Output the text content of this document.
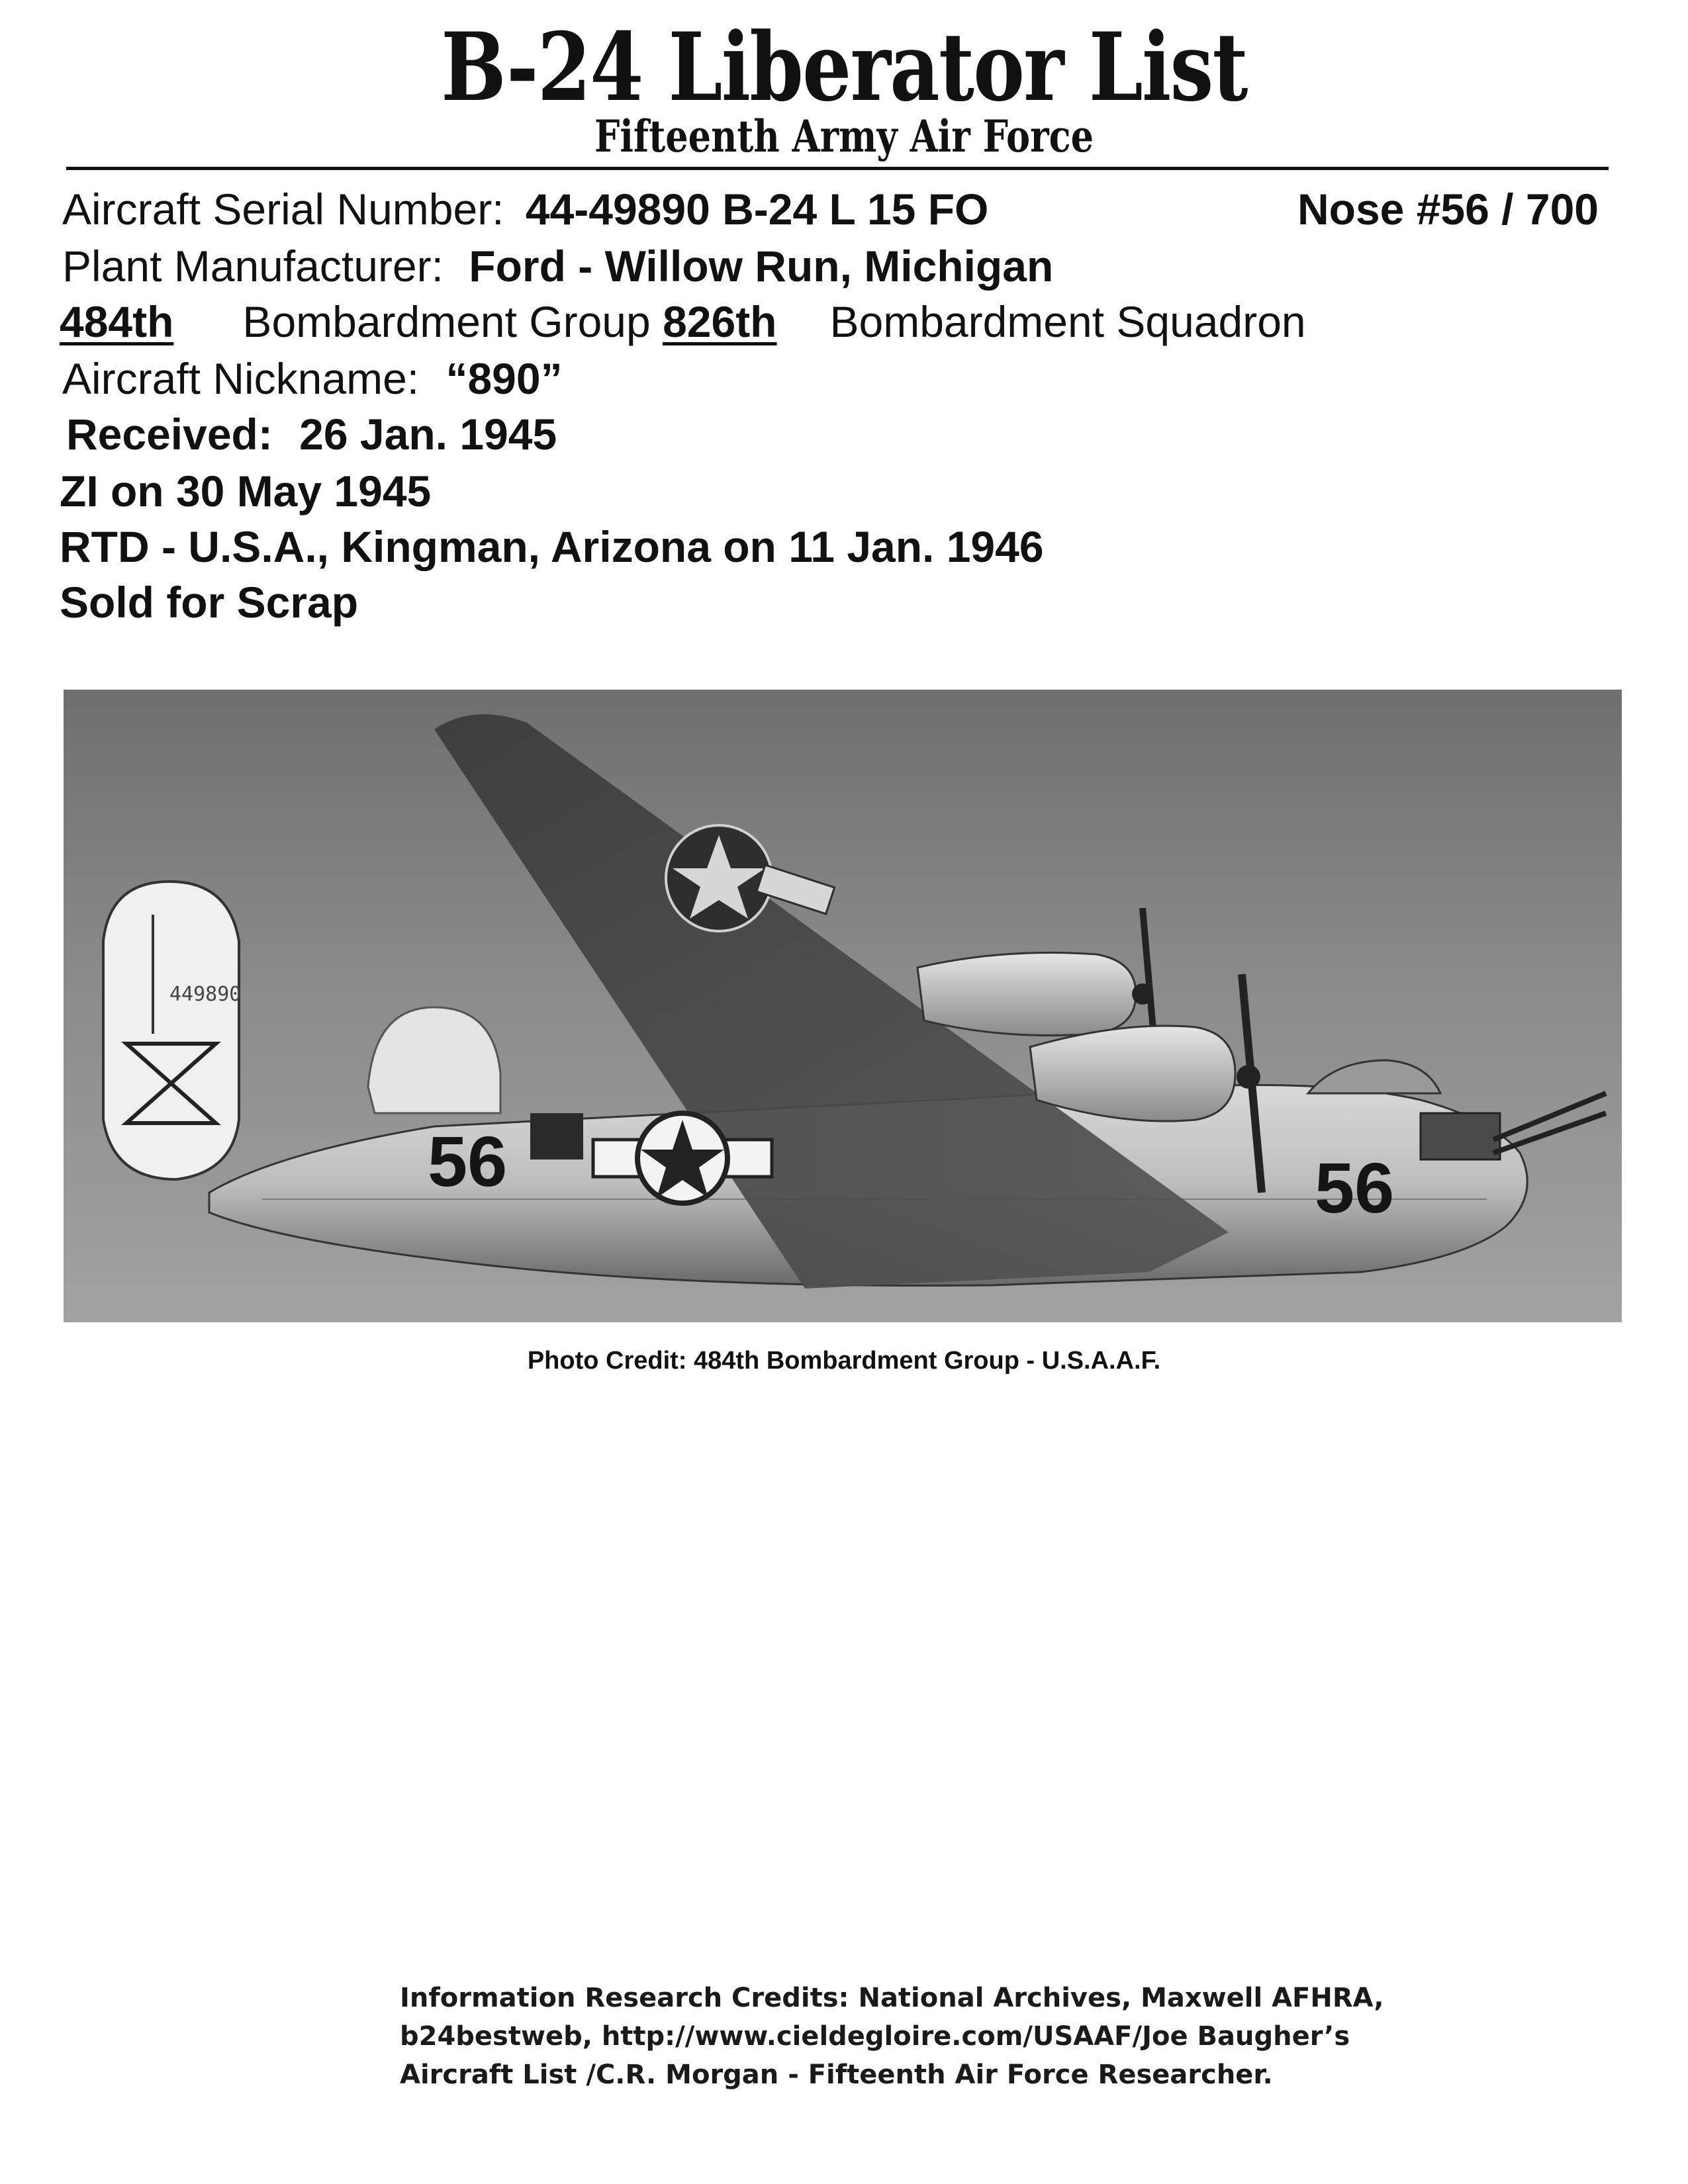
B-24 Liberator List
Fifteenth Army Air Force
Aircraft Serial Number: 44-49890 B-24 L 15 FO	Nose #56 / 700
Plant Manufacturer: Ford - Willow Run, Michigan
484th Bombardment Group 826th Bombardment Squadron
Aircraft Nickname: “890”
Received: 26 Jan. 1945
ZI on 30 May 1945
RTD - U.S.A., Kingman, Arizona on 11 Jan. 1946
Sold for Scrap
449890
56	56
Photo Credit: 484th Bombardment Group - U.S.A.A.F.
Information Research Credits: National Archives, Maxwell AFHRA,
b24bestweb, http://www.cieldegloire.com/USAAF/Joe Baugher’s
Aircraft List /C.R. Morgan - Fifteenth Air Force Researcher.
